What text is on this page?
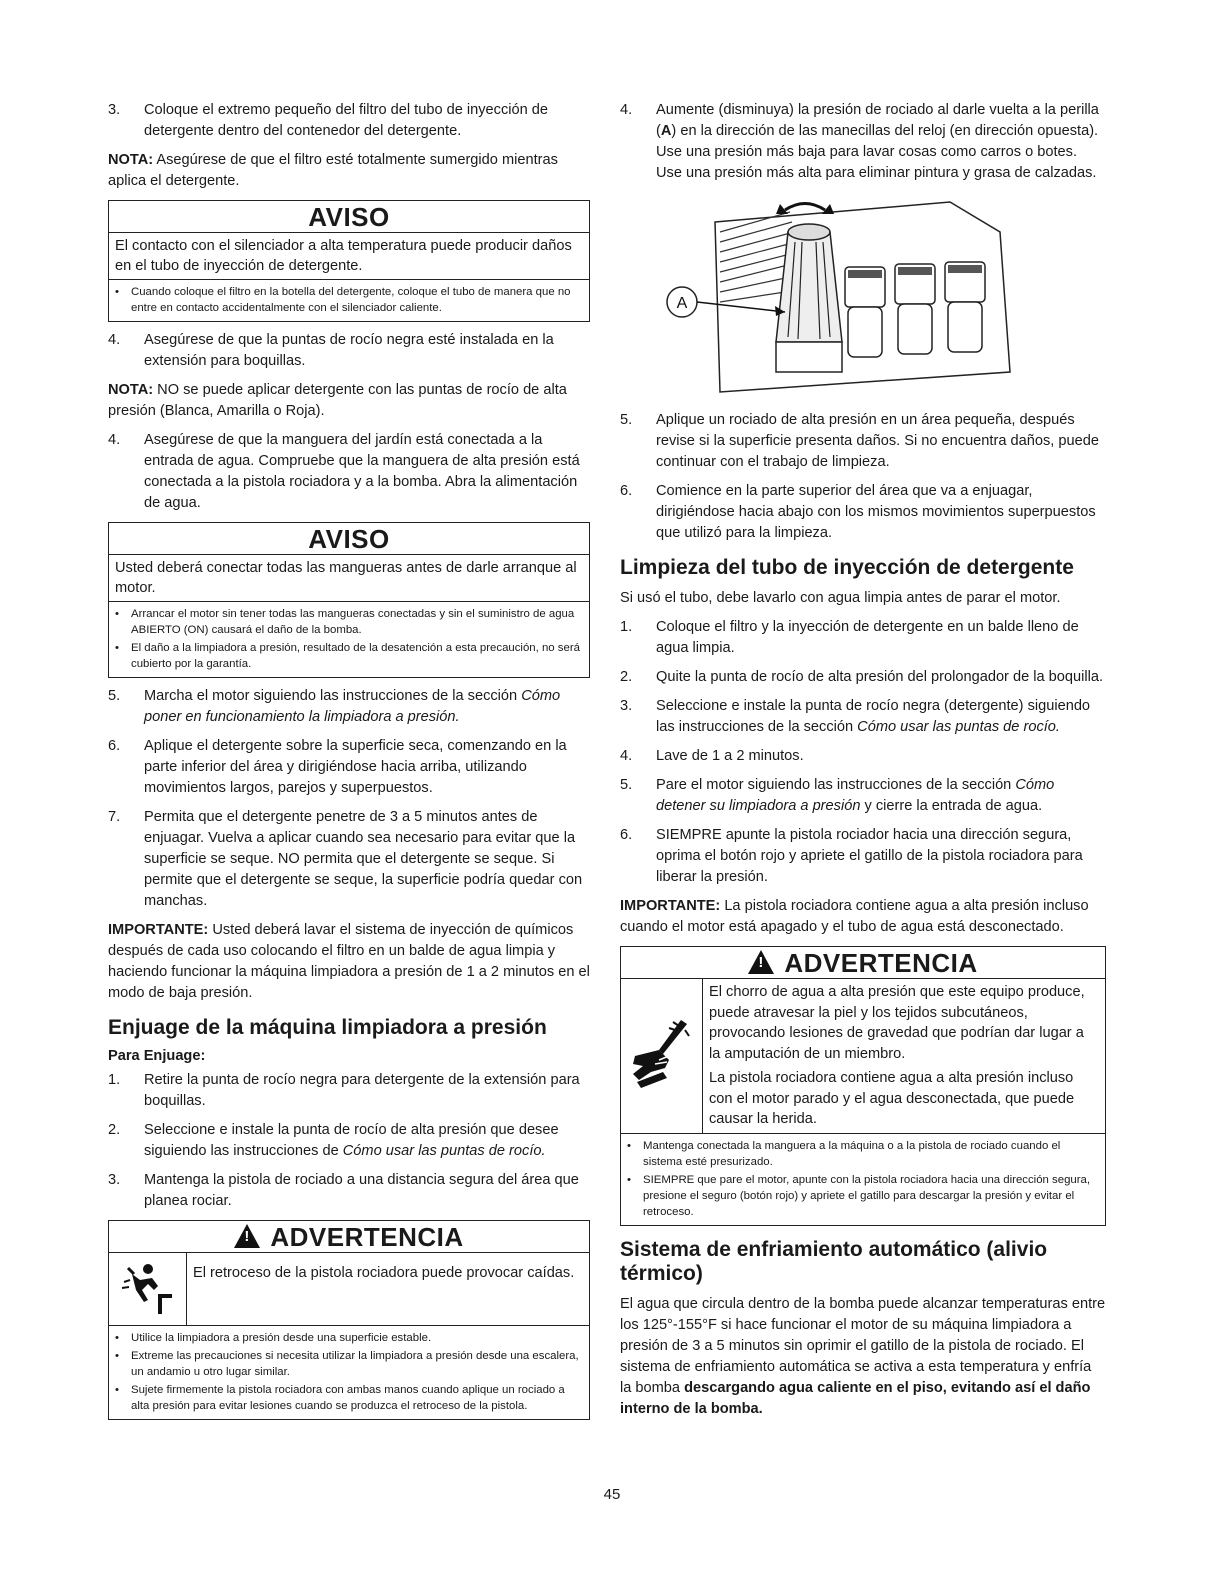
3.	Coloque el extremo pequeño del filtro del tubo de inyección de detergente dentro del contenedor del detergente.

NOTA: Asegúrese de que el filtro esté totalmente sumergido mientras aplica el detergente.

AVISO
El contacto con el silenciador a alta temperatura puede producir daños en el tubo de inyección de detergente.
•	Cuando coloque el filtro en la botella del detergente, coloque el tubo de manera que no entre en contacto accidentalmente con el silenciador caliente.
4.	Asegúrese de que la puntas de rocío negra esté instalada en la extensión para boquillas.

NOTA: NO se puede aplicar detergente con las puntas de rocío de alta presión (Blanca, Amarilla o Roja).

4.	Asegúrese de que la manguera del jardín está conectada a la entrada de agua. Compruebe que la manguera de alta presión está conectada a la pistola rociadora y a la bomba. Abra la alimentación de agua.
AVISO
Usted deberá conectar todas las mangueras antes de darle arranque al motor.
•	Arrancar el motor sin tener todas las mangueras conectadas y sin el suministro de agua ABIERTO (ON) causará el daño de la bomba.
•	El daño a la limpiadora a presión, resultado de la desatención a esta precaución, no será cubierto por la garantía.
5.	Marcha el motor siguiendo las instrucciones de la sección Cómo poner en funcionamiento la limpiadora a presión.
6.	Aplique el detergente sobre la superficie seca, comenzando en la parte inferior del área y dirigiéndose hacia arriba, utilizando movimientos largos, parejos y superpuestos.
7.	Permita que el detergente penetre de 3 a 5 minutos antes de enjuagar. Vuelva a aplicar cuando sea necesario para evitar que la superficie se seque. NO permita que el detergente se seque. Si permite que el detergente se seque, la superficie podría quedar con manchas.

IMPORTANTE: Usted deberá lavar el sistema de inyección de químicos después de cada uso colocando el filtro en un balde de agua limpia y haciendo funcionar la máquina limpiadora a presión de 1 a 2 minutos en el modo de baja presión.

Enjuage de la máquina limpiadora a presión
Para Enjuage:
1.	Retire la punta de rocío negra para detergente de la extensión para boquillas.
2.	Seleccione e instale la punta de rocío de alta presión que desee siguiendo las instrucciones de Cómo usar las puntas de rocío.
3.	Mantenga la pistola de rociado a una distancia segura del área que planea rociar.
!ADVERTENCIA
El retroceso de la pistola rociadora puede provocar caídas.
•	Utilice la limpiadora a presión desde una superficie estable.
•	Extreme las precauciones si necesita utilizar la limpiadora a presión desde una escalera, un andamio u otro lugar similar.
•	Sujete firmemente la pistola rociadora con ambas manos cuando aplique un rociado a alta presión para evitar lesiones cuando se produzca el retroceso de la pistola.
4.	Aumente (disminuya) la presión de rociado al darle vuelta a la perilla (A) en la dirección de las manecillas del reloj (en dirección opuesta). Use una presión más baja para lavar cosas como carros o botes. Use una presión más alta para eliminar pintura y grasa de calzadas.
A
5.	Aplique un rociado de alta presión en un área pequeña, después revise si la superficie presenta daños. Si no encuentra daños, puede continuar con el trabajo de limpieza.
6.	Comience en la parte superior del área que va a enjuagar, dirigiéndose hacia abajo con los mismos movimientos superpuestos que utilizó para la limpieza.
Limpieza del tubo de inyección de detergente

Si usó el tubo, debe lavarlo con agua limpia antes de parar el motor.

1.	Coloque el filtro y la inyección de detergente en un balde lleno de agua limpia.
2.	Quite la punta de rocío de alta presión del prolongador de la boquilla.
3.	Seleccione e instale la punta de rocío negra (detergente) siguiendo las instrucciones de la sección Cómo usar las puntas de rocío.
4.	Lave de 1 a 2 minutos.
5.	Pare el motor siguiendo las instrucciones de la sección Cómo detener su limpiadora a presión y cierre la entrada de agua.
6.	SIEMPRE apunte la pistola rociador hacia una dirección segura, oprima el botón rojo y apriete el gatillo de la pistola rociadora para liberar la presión.

IMPORTANTE: La pistola rociadora contiene agua a alta presión incluso cuando el motor está apagado y el tubo de agua está desconectado.

!ADVERTENCIA
El chorro de agua a alta presión que este equipo produce, puede atravesar la piel y los tejidos subcutáneos, provocando lesiones de gravedad que podrían dar lugar a la amputación de un miembro.
La pistola rociadora contiene agua a alta presión incluso con el motor parado y el agua desconectada, que puede causar la herida.
•	Mantenga conectada la manguera a la máquina o a la pistola de rociado cuando el sistema esté presurizado.
•	SIEMPRE que pare el motor, apunte con la pistola rociadora hacia una dirección segura, presione el seguro (botón rojo) y apriete el gatillo para descargar la presión y evitar el retroceso.
Sistema de enfriamiento automático (alivio térmico)

El agua que circula dentro de la bomba puede alcanzar temperaturas entre los 125°-155°F si hace funcionar el motor de su máquina limpiadora a presión de 3 a 5 minutos sin oprimir el gatillo de la pistola de rociado. El sistema de enfriamiento automática se activa a esta temperatura y enfría la bomba descargando agua caliente en el piso, evitando así el daño interno de la bomba.

45
